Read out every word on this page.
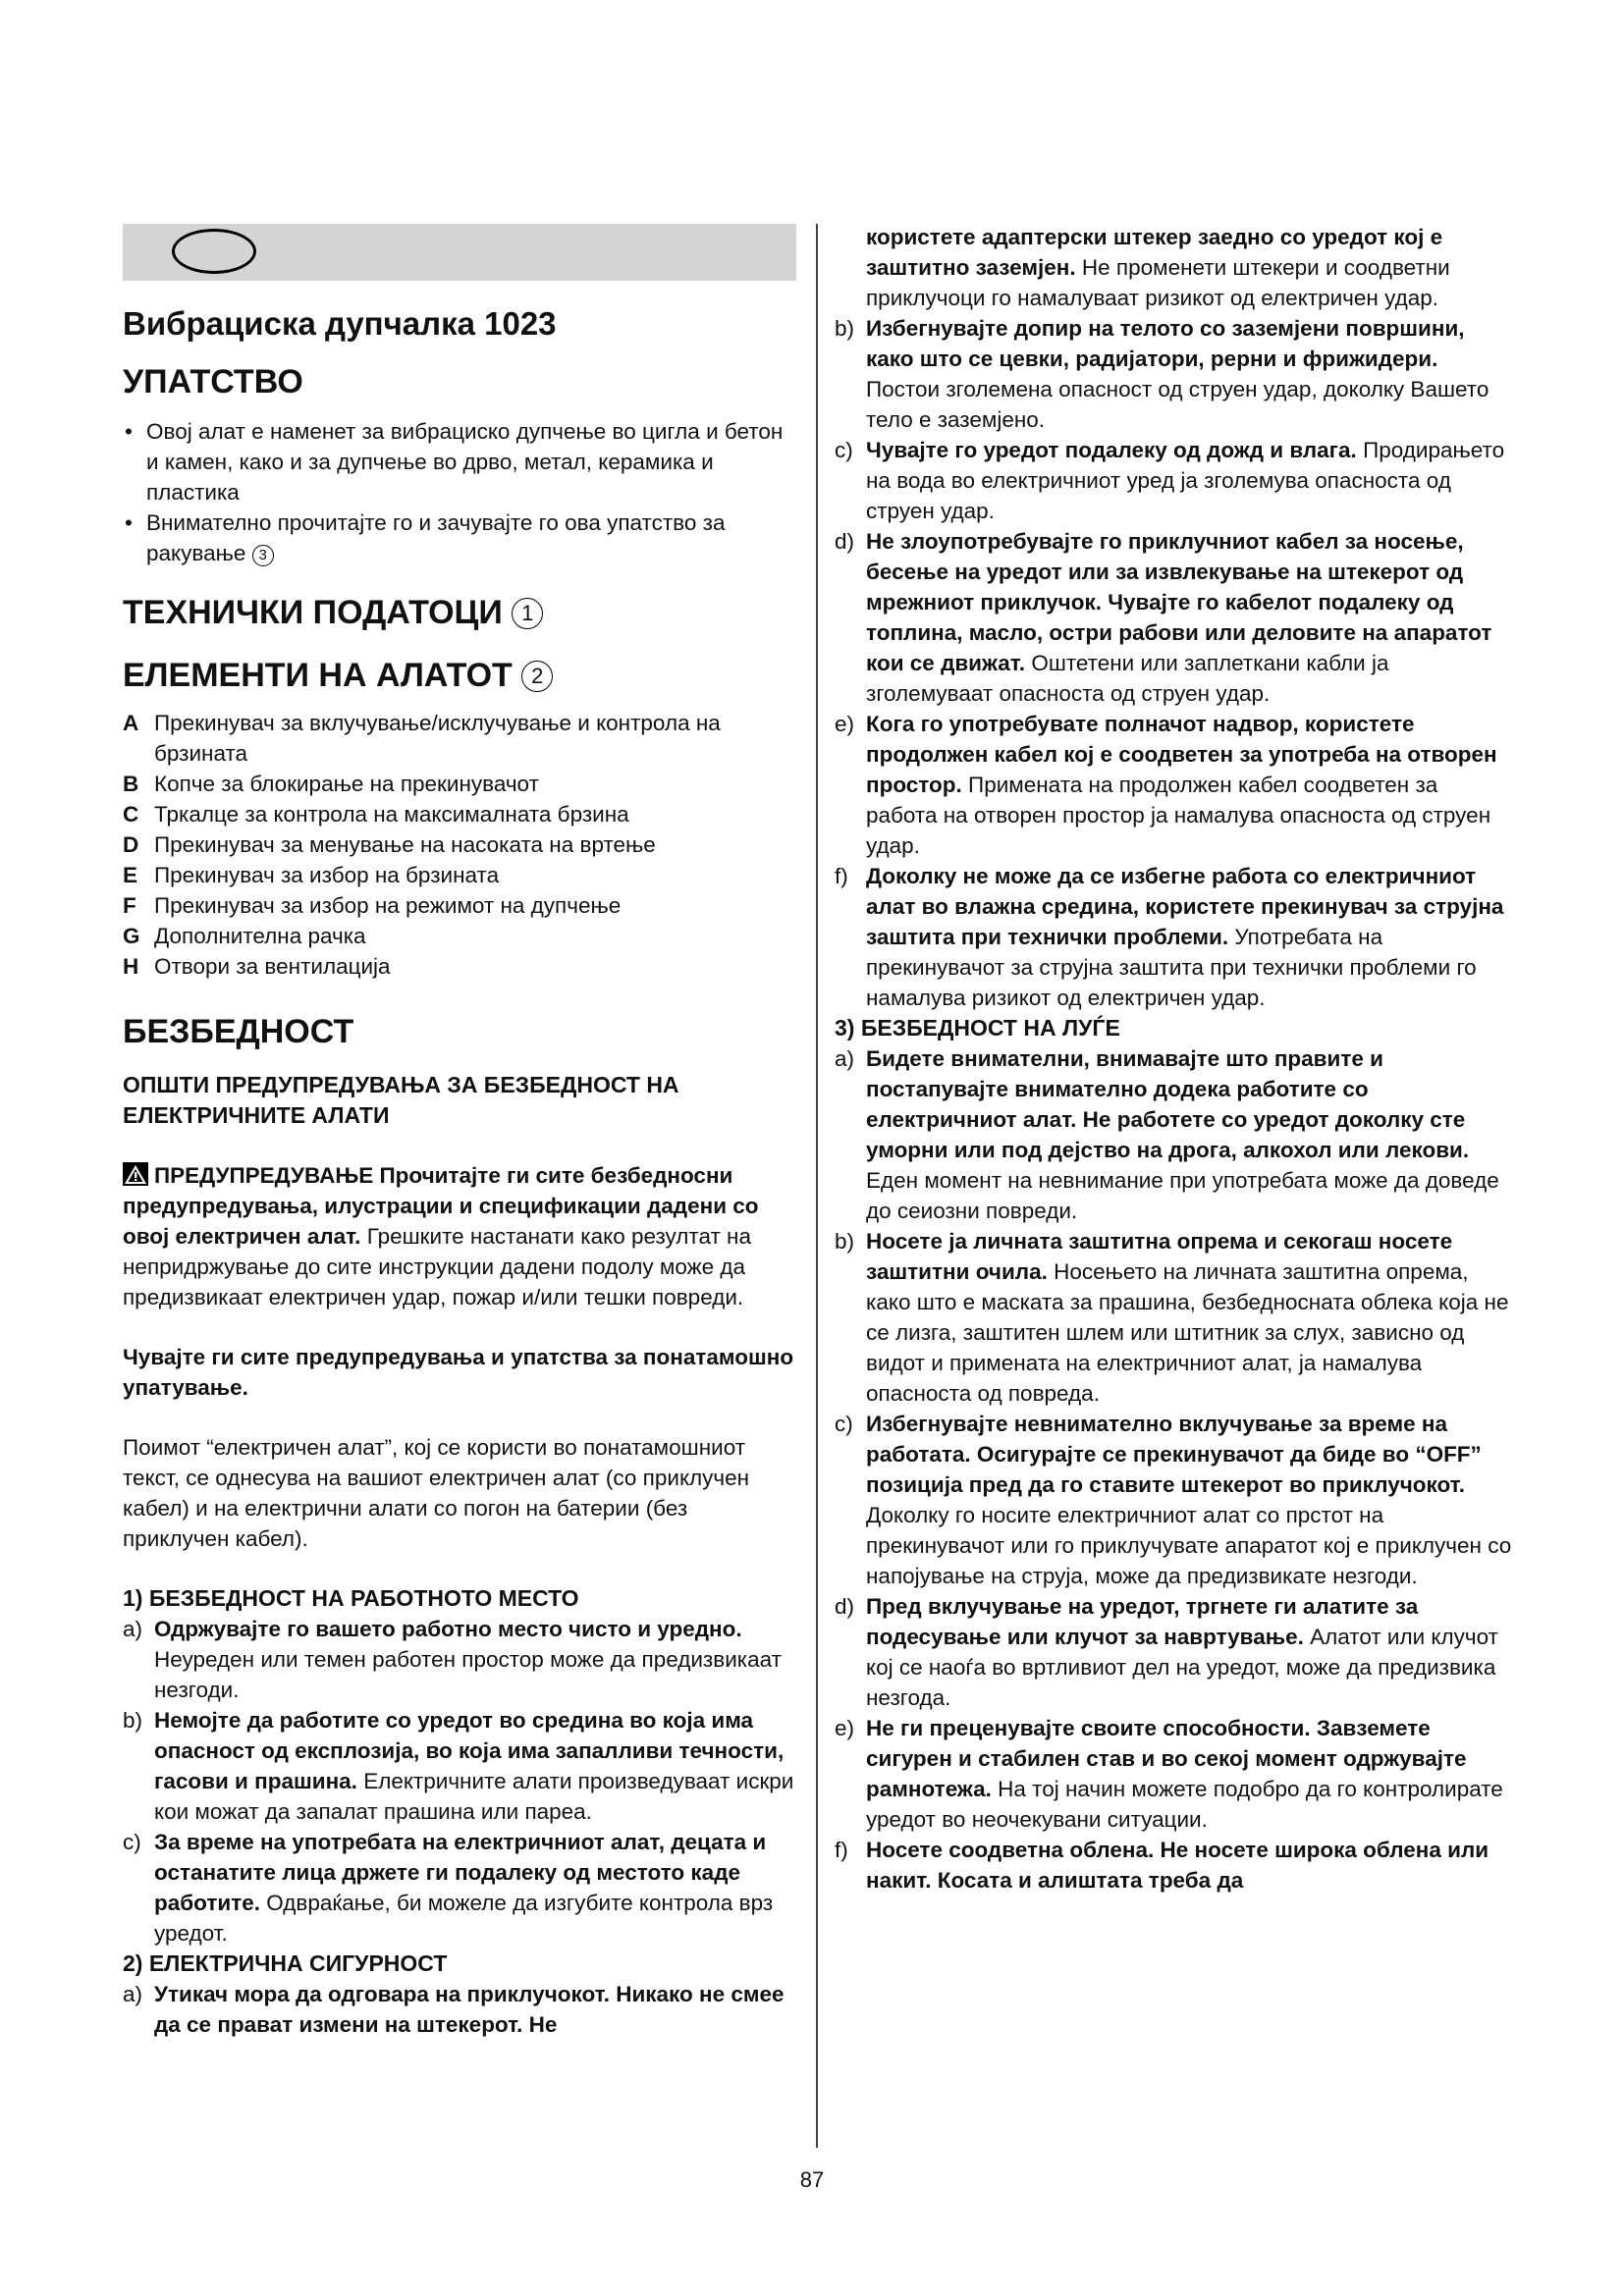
Вибрациска дупчалка 1023
УПАТСТВО
• Овој алат е наменет за вибрациско дупчење во цигла и бетон и камен, како и за дупчење во дрво, метал, керамика и пластика
• Внимателно прочитајте го и зачувајте го ова упатство за ракување 3
ТЕХНИЧКИ ПОДАТОЦИ 1
ЕЛЕМЕНТИ НА АЛАТОТ 2
A Прекинувач за вклучување/исклучување и контрола на брзината
B Копче за блокирање на прекинувачот
C Тркалце за контрола на максималната брзина
D Прекинувач за менување на насоката на вртење
E Прекинувач за избор на брзината
F Прекинувач за избор на режимот на дупчење
G Дополнителна рачка
H Отвори за вентилација
БЕЗБЕДНОСТ
ОПШТИ ПРЕДУПРЕДУВАЊА ЗА БЕЗБЕДНОСТ НА ЕЛЕКТРИЧНИТЕ АЛАТИ

ПРЕДУПРЕДУВАЊЕ Прочитајте ги сите безбедносни предупредувања, илустрации и спецификации дадени со овој електричен алат. Грешките настанати како резултат на непридржување до сите инструкции дадени подолу може да предизвикаат електричен удар, пожар и/или тешки повреди.

Чувајте ги сите предупредувања и упатства за понатамошно упатување.

Поимот “електричен алат”, кој се користи во понатамошниот текст, се однесува на вашиот електричен алат (со приклучен кабел) и на електрични алати со погон на батерии (без приклучен кабел).

1) БЕЗБЕДНОСТ НА РАБОТНОТО МЕСТО
a) Одржувајте го вашето работно место чисто и уредно. Неуреден или темен работен простор може да предизвикаат незгоди.
b) Немојте да работите со уредот во средина во која има опасност од експлозија, во која има запалливи течности, гасови и прашина. Електричните алати произведуваат искри кои можат да запалат прашина или пареа.
c) За време на употребата на електричниот алат, децата и останатите лица држете ги подалеку од местото каде работите. Одвраќање, би можеле да изгубите контрола врз уредот.
2) ЕЛЕКТРИЧНА СИГУРНОСТ
a) Утикач мора да одговара на приклучокот. Никако не смее да се прават измени на штекерот. Не
користете адаптерски штекер заедно со уредот кој е заштитно заземјен. Не променети штекери и соодветни приклучоци го намалуваат ризикот од електричен удар.
b) Избегнувајте допир на телото со заземјени површини, како што се цевки, радијатори, рерни и фрижидери. Постои зголемена опасност од струен удар, доколку Вашето тело е заземјено.
c) Чувајте го уредот подалеку од дожд и влага. Продирањето на вода во електричниот уред ја зголемува опасноста од струен удар.
d) Не злоупотребувајте го приклучниот кабел за носење, бесење на уредот или за извлекување на штекерот од мрежниот приклучок. Чувајте го кабелот подалеку од топлина, масло, остри рабови или деловите на апаратот кои се движат. Оштетени или заплеткани кабли ја зголемуваат опасноста од струен удар.
e) Кога го употребувате полначот надвор, користете продолжен кабел кој е соодветен за употреба на отворен простор. Примената на продолжен кабел соодветен за работа на отворен простор ја намалува опасноста од струен удар.
f) Доколку не може да се избегне работа со електричниот алат во влажна средина, користете прекинувач за струјна заштита при технички проблеми. Употребата на прекинувачот за струјна заштита при технички проблеми го намалува ризикот од електричен удар.
3) БЕЗБЕДНОСТ НА ЛУЃЕ
a) Бидете внимателни, внимавајте што правите и постапувајте внимателно додека работите со електричниот алат. Не работете со уредот доколку сте уморни или под дејство на дрога, алкохол или лекови. Еден момент на невнимание при употребата може да доведе до сеиозни повреди.
b) Носете ја личната заштитна опрема и секогаш носете заштитни очила. Носењето на личната заштитна опрема, како што е маската за прашина, безбедносната облека која не се лизга, заштитен шлем или штитник за слух, зависно од видот и примената на електричниот алат, ја намалува опасноста од повреда.
c) Избегнувајте невнимателно вклучување за време на работата. Осигурајте се прекинувачот да биде во “OFF” позиција пред да го ставите штекерот во приклучокот. Доколку го носите електричниот алат со прстот на прекинувачот или го приклучувате апаратот кој е приклучен со напојување на струја, може да предизвикате незгоди.
d) Пред вклучување на уредот, тргнете ги алатите за подесување или клучот за навртување. Алатот или клучот кој се наоѓа во вртливиот дел на уредот, може да предизвика незгода.
e) Не ги преценувајте своите способности. Завземете сигурен и стабилен став и во секој момент одржувајте рамнотежа. На тој начин можете подобро да го контролирате уредот во неочекувани ситуации.
f) Носете соодветна облена. Не носете широка облена или накит. Косата и алиштата треба да
87
